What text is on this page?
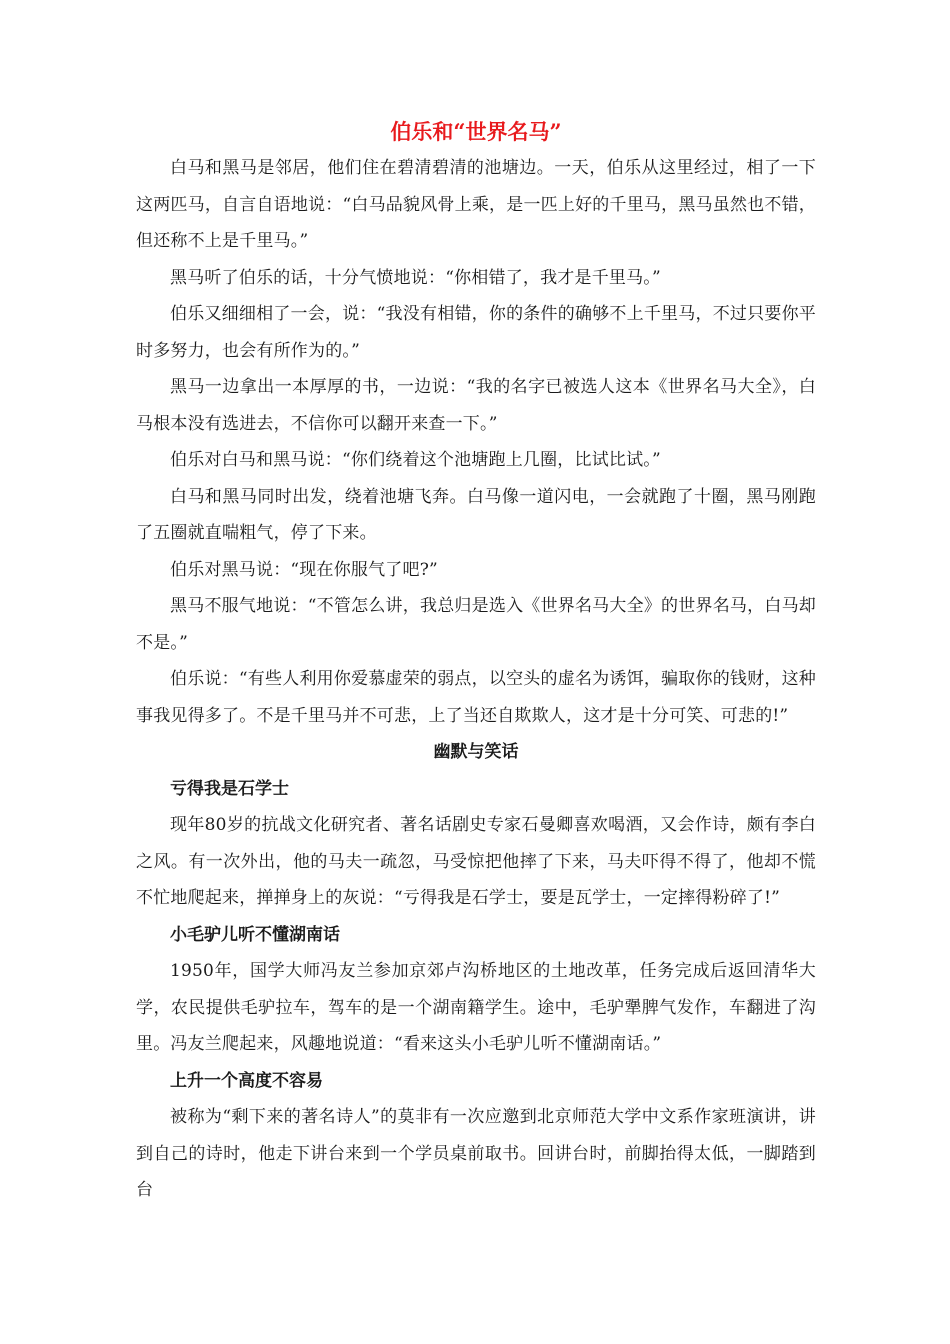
伯乐和“世界名马”

白马和黑马是邻居，他们住在碧清碧清的池塘边。一天，伯乐从这里经过，相了一下这两匹马，自言自语地说：“白马品貌风骨上乘，是一匹上好的千里马，黑马虽然也不错，但还称不上是千里马。”

黑马听了伯乐的话，十分气愤地说：“你相错了，我才是千里马。”

伯乐又细细相了一会，说：“我没有相错，你的条件的确够不上千里马，不过只要你平时多努力，也会有所作为的。”

黑马一边拿出一本厚厚的书，一边说：“我的名字已被选人这本《世界名马大全》，白马根本没有选进去，不信你可以翻开来查一下。”

伯乐对白马和黑马说：“你们绕着这个池塘跑上几圈，比试比试。”

白马和黑马同时出发，绕着池塘飞奔。白马像一道闪电，一会就跑了十圈，黑马刚跑了五圈就直喘粗气，停了下来。

伯乐对黑马说：“现在你服气了吧?”

黑马不服气地说：“不管怎么讲，我总归是选入《世界名马大全》的世界名马，白马却不是。”

伯乐说：“有些人利用你爱慕虚荣的弱点，以空头的虚名为诱饵，骗取你的钱财，这种事我见得多了。不是千里马并不可悲，上了当还自欺欺人，这才是十分可笑、可悲的!”

幽默与笑话
亏得我是石学士

现年80岁的抗战文化研究者、著名话剧史专家石曼卿喜欢喝酒，又会作诗，颇有李白之风。有一次外出，他的马夫一疏忽，马受惊把他摔了下来，马夫吓得不得了，他却不慌不忙地爬起来，掸掸身上的灰说：“亏得我是石学士，要是瓦学士，一定摔得粉碎了!”

小毛驴儿听不懂湖南话

1950年，国学大师冯友兰参加京郊卢沟桥地区的土地改革，任务完成后返回清华大学，农民提供毛驴拉车，驾车的是一个湖南籍学生。途中，毛驴犟脾气发作，车翻进了沟里。冯友兰爬起来，风趣地说道：“看来这头小毛驴儿听不懂湖南话。”

上升一个高度不容易

被称为“剩下来的著名诗人”的莫非有一次应邀到北京师范大学中文系作家班演讲，讲到自己的诗时，他走下讲台来到一个学员桌前取书。回讲台时，前脚抬得太低，一脚踏到台
